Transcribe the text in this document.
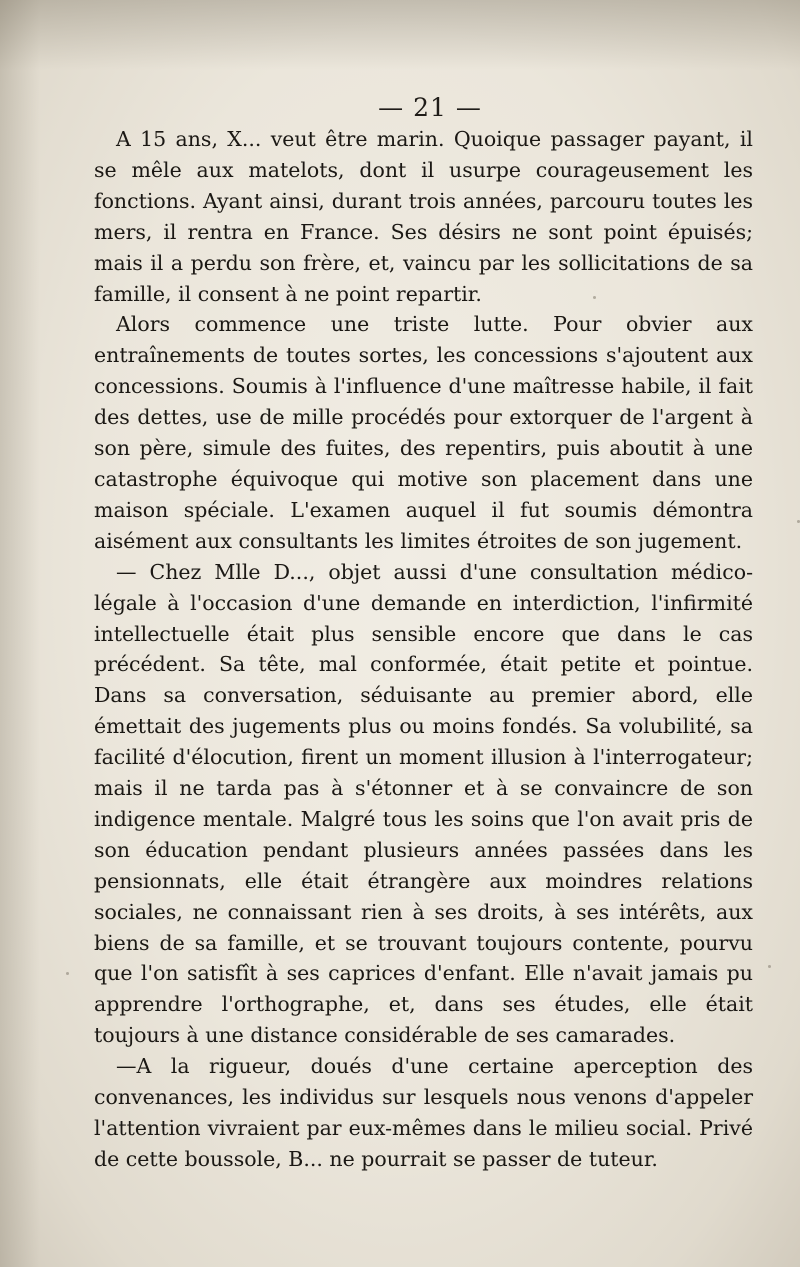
— 21 —

A 15 ans, X... veut être marin. Quoique passager payant, il se mêle aux matelots, dont il usurpe courageusement les fonctions. Ayant ainsi, durant trois années, parcouru toutes les mers, il rentra en France. Ses désirs ne sont point épuisés; mais il a perdu son frère, et, vaincu par les sollicitations de sa famille, il consent à ne point repartir.

Alors commence une triste lutte. Pour obvier aux entraînements de toutes sortes, les concessions s'ajoutent aux concessions. Soumis à l'influence d'une maîtresse habile, il fait des dettes, use de mille procédés pour extorquer de l'argent à son père, simule des fuites, des repentirs, puis aboutit à une catastrophe équivoque qui motive son placement dans une maison spéciale. L'examen auquel il fut soumis démontra aisément aux consultants les limites étroites de son jugement.

— Chez Mlle D..., objet aussi d'une consultation médico-légale à l'occasion d'une demande en interdiction, l'infirmité intellectuelle était plus sensible encore que dans le cas précédent. Sa tête, mal conformée, était petite et pointue. Dans sa conversation, séduisante au premier abord, elle émettait des jugements plus ou moins fondés. Sa volubilité, sa facilité d'élocution, firent un moment illusion à l'interrogateur; mais il ne tarda pas à s'étonner et à se convaincre de son indigence mentale. Malgré tous les soins que l'on avait pris de son éducation pendant plusieurs années passées dans les pensionnats, elle était étrangère aux moindres relations sociales, ne connaissant rien à ses droits, à ses intérêts, aux biens de sa famille, et se trouvant toujours contente, pourvu que l'on satisfît à ses caprices d'enfant. Elle n'avait jamais pu apprendre l'orthographe, et, dans ses études, elle était toujours à une distance considérable de ses camarades.

—A la rigueur, doués d'une certaine aperception des convenances, les individus sur lesquels nous venons d'appeler l'attention vivraient par eux-mêmes dans le milieu social. Privé de cette boussole, B... ne pourrait se passer de tuteur.
